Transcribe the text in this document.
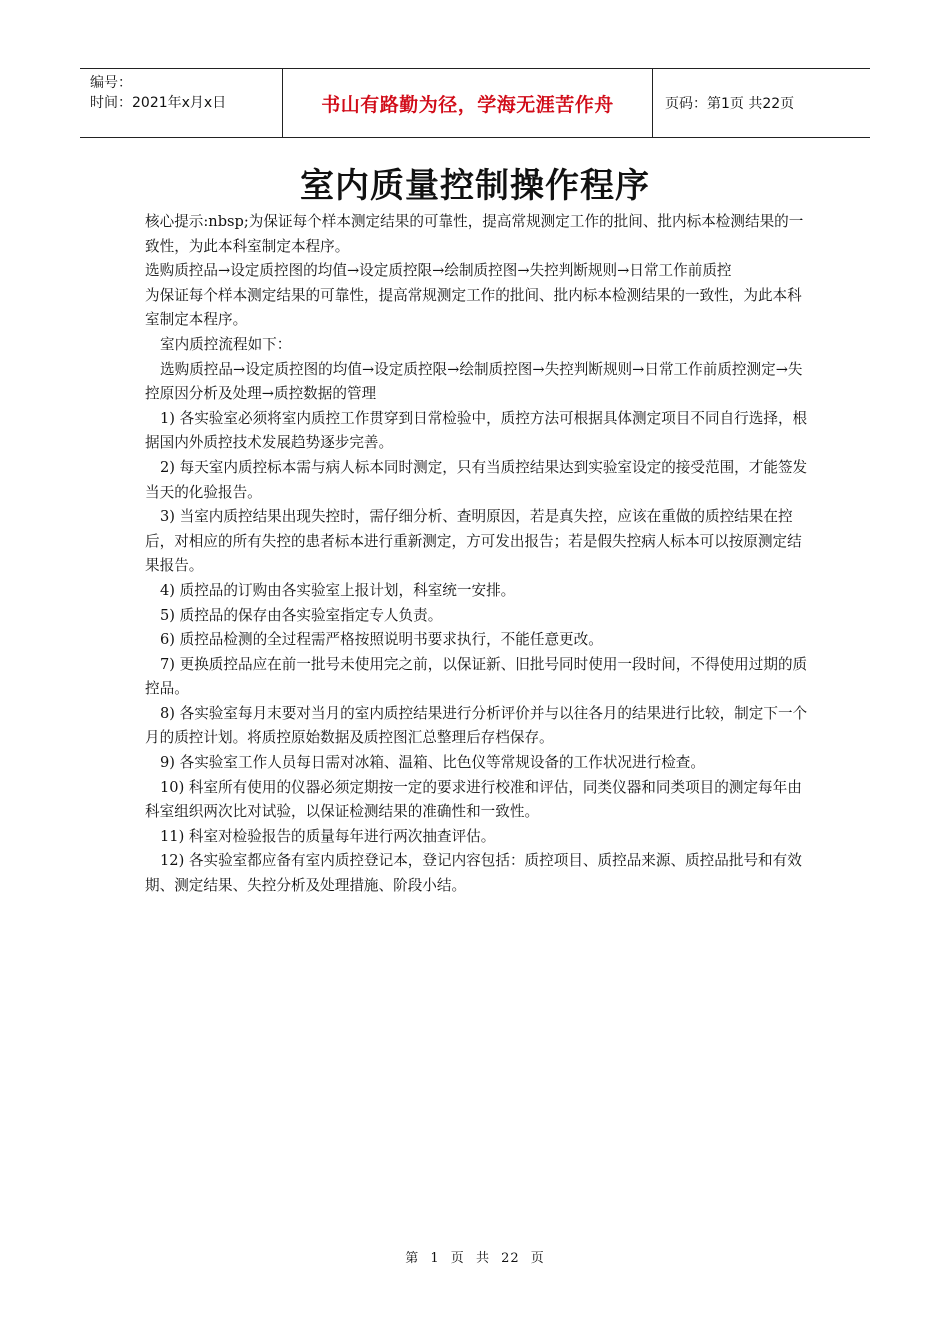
编号：
时间：2021年x月x日	书山有路勤为径，学海无涯苦作舟	页码：第1页 共22页
室内质量控制操作程序

核心提示:nbsp;为保证每个样本测定结果的可靠性，提高常规测定工作的批间、批内标本检测结果的一致性，为此本科室制定本程序。

选购质控品→设定质控图的均值→设定质控限→绘制质控图→失控判断规则→日常工作前质控

为保证每个样本测定结果的可靠性，提高常规测定工作的批间、批内标本检测结果的一致性，为此本科室制定本程序。

室内质控流程如下：

选购质控品→设定质控图的均值→设定质控限→绘制质控图→失控判断规则→日常工作前质控测定→失控原因分析及处理→质控数据的管理

1) 各实验室必须将室内质控工作贯穿到日常检验中，质控方法可根据具体测定项目不同自行选择，根据国内外质控技术发展趋势逐步完善。

2) 每天室内质控标本需与病人标本同时测定，只有当质控结果达到实验室设定的接受范围，才能签发当天的化验报告。

3) 当室内质控结果出现失控时，需仔细分析、查明原因，若是真失控，应该在重做的质控结果在控后，对相应的所有失控的患者标本进行重新测定，方可发出报告；若是假失控病人标本可以按原测定结果报告。

4) 质控品的订购由各实验室上报计划，科室统一安排。

5) 质控品的保存由各实验室指定专人负责。

6) 质控品检测的全过程需严格按照说明书要求执行，不能任意更改。

7) 更换质控品应在前一批号未使用完之前，以保证新、旧批号同时使用一段时间，不得使用过期的质控品。

8) 各实验室每月末要对当月的室内质控结果进行分析评价并与以往各月的结果进行比较，制定下一个月的质控计划。将质控原始数据及质控图汇总整理后存档保存。

9) 各实验室工作人员每日需对冰箱、温箱、比色仪等常规设备的工作状况进行检查。

10) 科室所有使用的仪器必须定期按一定的要求进行校准和评估，同类仪器和同类项目的测定每年由科室组织两次比对试验，以保证检测结果的准确性和一致性。

11) 科室对检验报告的质量每年进行两次抽查评估。

12) 各实验室都应备有室内质控登记本，登记内容包括：质控项目、质控品来源、质控品批号和有效期、测定结果、失控分析及处理措施、阶段小结。

第 1 页 共 22 页
